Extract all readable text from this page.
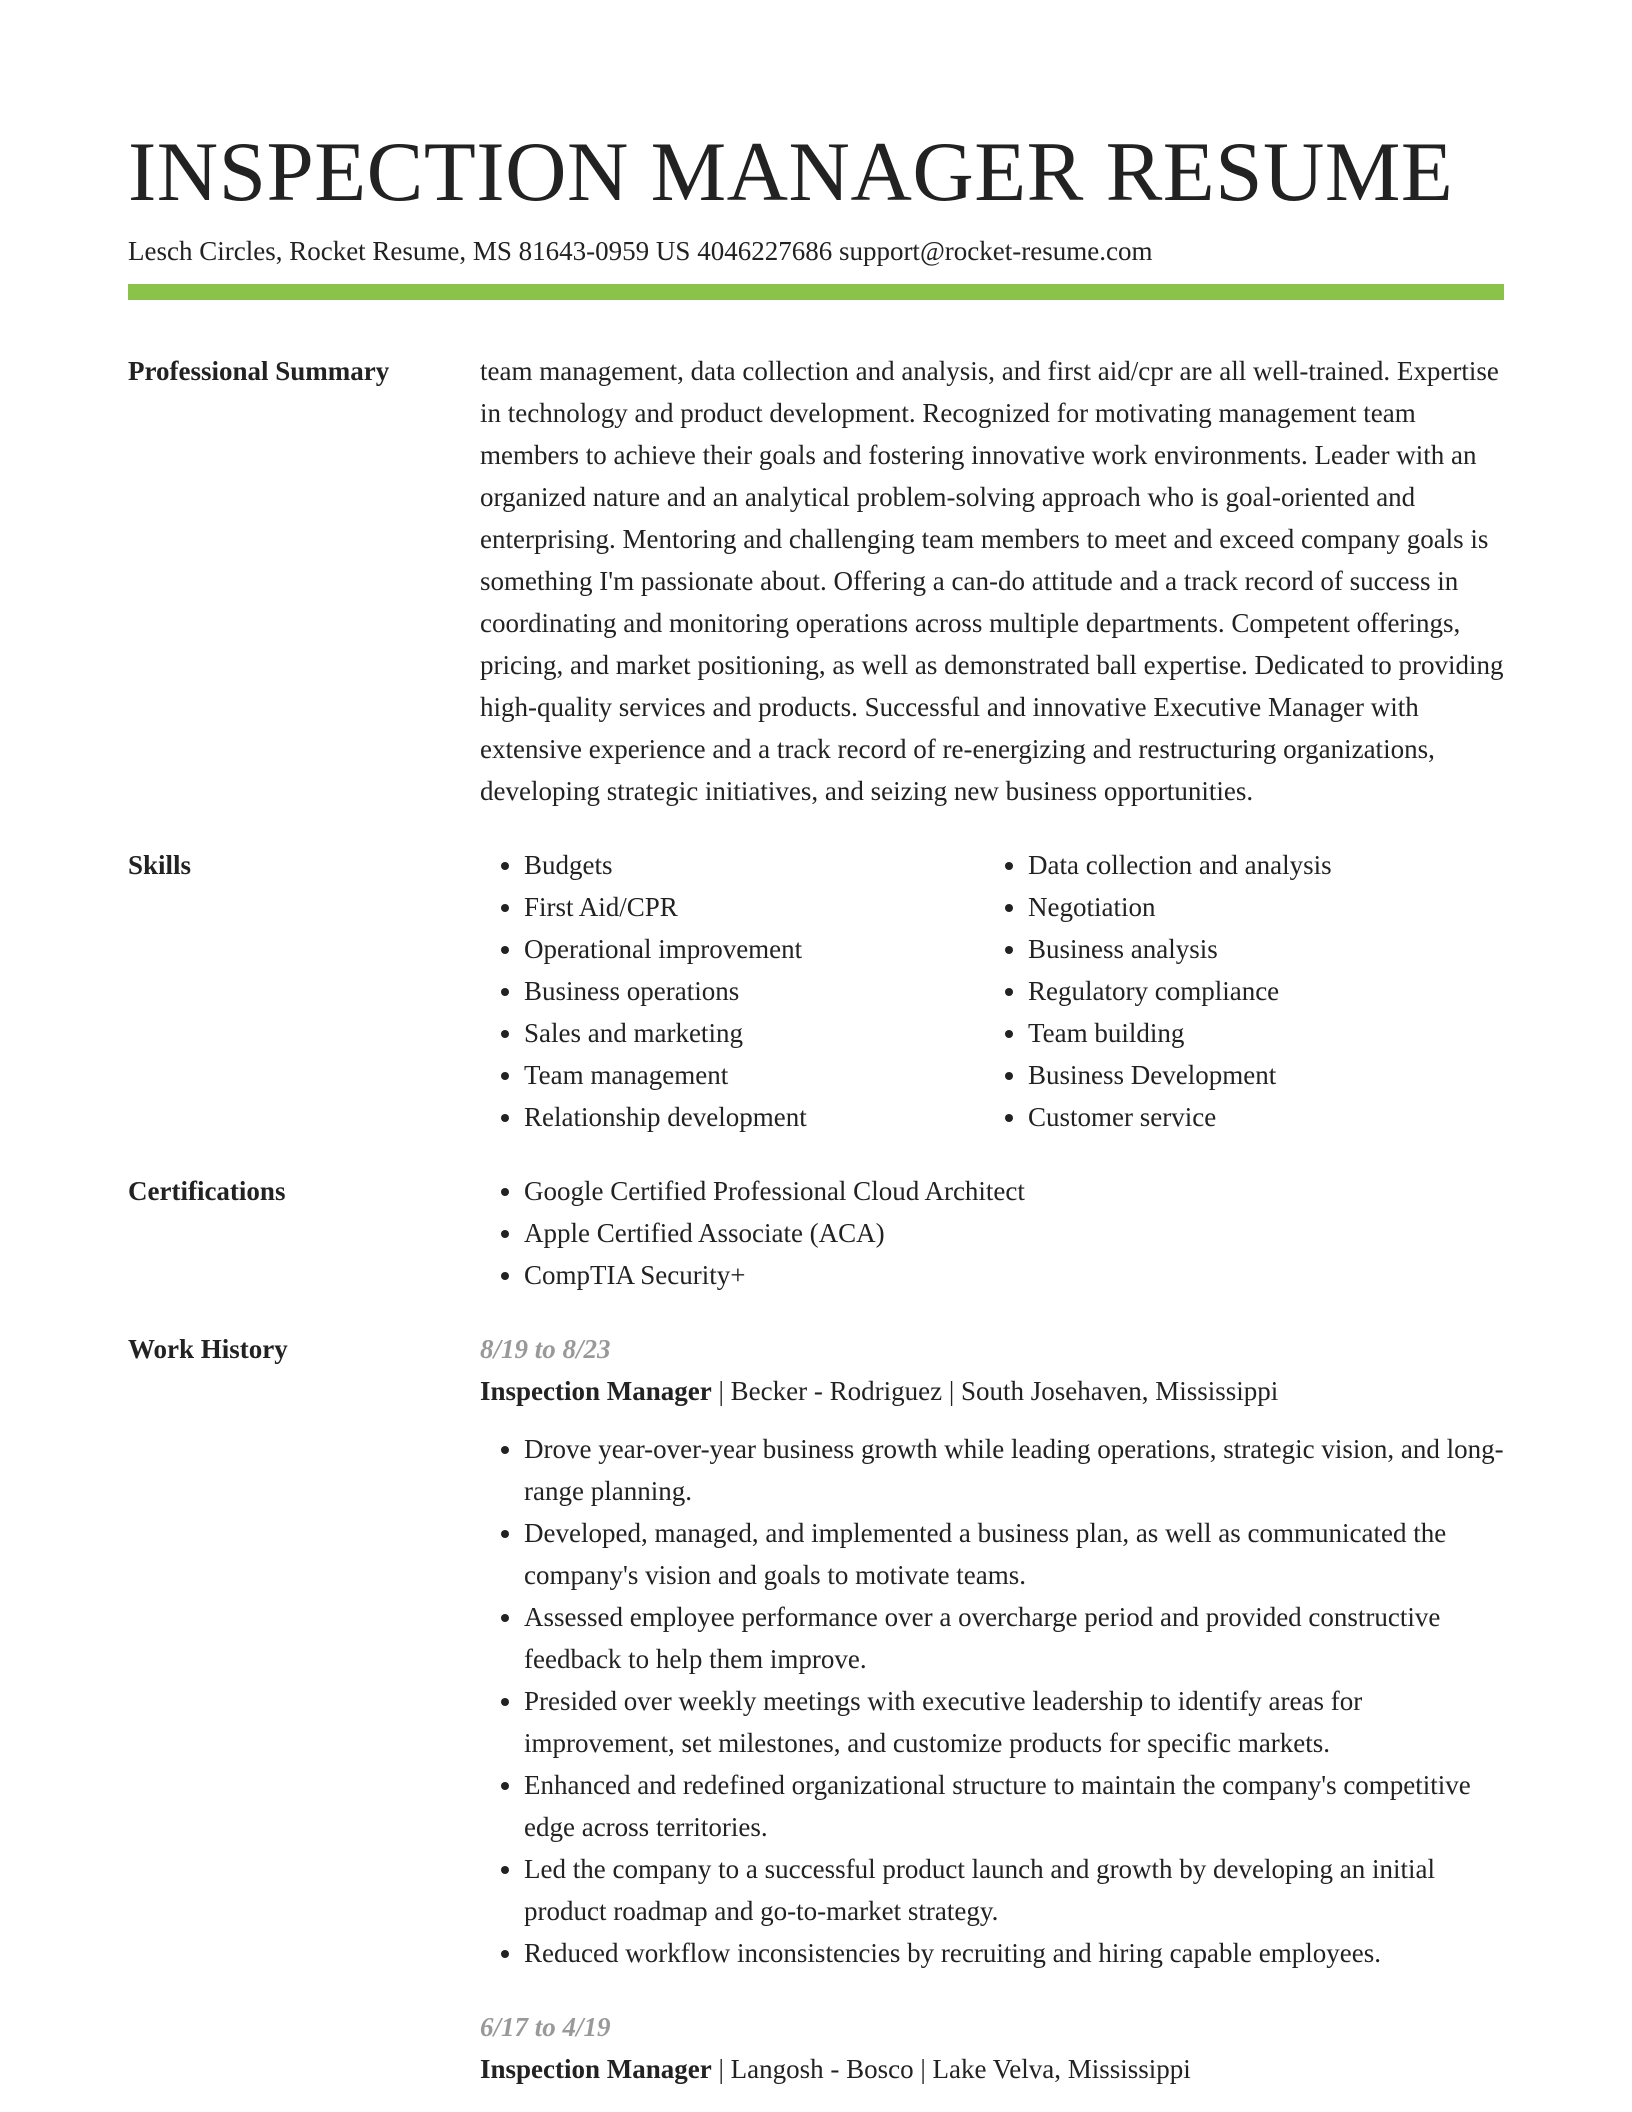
INSPECTION MANAGER RESUME
Lesch Circles, Rocket Resume, MS 81643-0959 US 4046227686 support@rocket-resume.com
Professional Summary	team management, data collection and analysis, and first aid/cpr are all well-trained. Expertise in technology and product development. Recognized for motivating management team members to achieve their goals and fostering innovative work environments. Leader with an organized nature and an analytical problem-solving approach who is goal-oriented and enterprising. Mentoring and challenging team members to meet and exceed company goals is something I'm passionate about. Offering a can-do attitude and a track record of success in coordinating and monitoring operations across multiple departments. Competent offerings, pricing, and market positioning, as well as demonstrated ball expertise. Dedicated to providing high-quality services and products. Successful and innovative Executive Manager with extensive experience and a track record of re-energizing and restructuring organizations, developing strategic initiatives, and seizing new business opportunities.

Skills	• Budgets
• First Aid/CPR
• Operational improvement
• Business operations
• Sales and marketing
• Team management
• Relationship development
• Data collection and analysis
• Negotiation
• Business analysis
• Regulatory compliance
• Team building
• Business Development
• Customer service
Certifications	• Google Certified Professional Cloud Architect
• Apple Certified Associate (ACA)
• CompTIA Security+
Work History	8/19 to 8/23
Inspection Manager | Becker - Rodriguez | South Josehaven, Mississippi
• Drove year-over-year business growth while leading operations, strategic vision, and long-range planning.
• Developed, managed, and implemented a business plan, as well as communicated the company's vision and goals to motivate teams.
• Assessed employee performance over a overcharge period and provided constructive feedback to help them improve.
• Presided over weekly meetings with executive leadership to identify areas for improvement, set milestones, and customize products for specific markets.
• Enhanced and redefined organizational structure to maintain the company's competitive edge across territories.
• Led the company to a successful product launch and growth by developing an initial product roadmap and go-to-market strategy.
• Reduced workflow inconsistencies by recruiting and hiring capable employees.
6/17 to 4/19
Inspection Manager | Langosh - Bosco | Lake Velva, Mississippi
